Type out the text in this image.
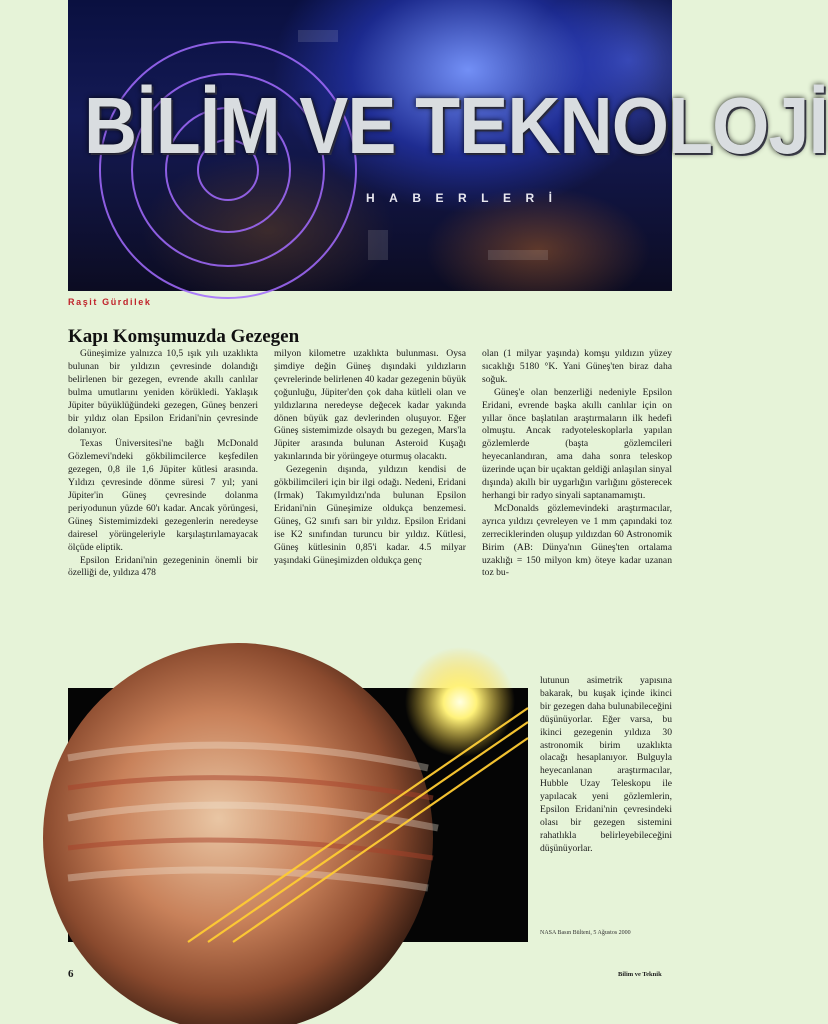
BİLİM VE TEKNOLOJİ
HABERLERİ
Raşit Gürdilek
Kapı Komşumuzda Gezegen

Güneşimize yalnızca 10,5 ışık yılı uzaklıkta bulunan bir yıldızın çevresinde dolandığı belirlenen bir gezegen, evrende akıllı canlılar bulma umutlarını yeniden körükledi. Yaklaşık Jüpiter büyüklüğündeki gezegen, Güneş benzeri bir yıldız olan Epsilon Eridani'nin çevresinde dolanıyor.

Texas Üniversitesi'ne bağlı McDonald Gözlemevi'ndeki gökbilimcilerce keşfedilen gezegen, 0,8 ile 1,6 Jüpiter kütlesi arasında. Yıldızı çevresinde dönme süresi 7 yıl; yani Jüpiter'in Güneş çevresinde dolanma periyodunun yüzde 60'ı kadar. Ancak yörüngesi, Güneş Sistemimizdeki gezegenlerin neredeyse dairesel yörüngeleriyle karşılaştırılamayacak ölçüde eliptik.

Epsilon Eridani'nin gezegeninin önemli bir özelliği de, yıldıza 478

milyon kilometre uzaklıkta bulunması. Oysa şimdiye değin Güneş dışındaki yıldızların çevrelerinde belirlenen 40 kadar gezegenin büyük çoğunluğu, Jüpiter'den çok daha kütleli olan ve yıldızlarına neredeyse değecek kadar yakında dönen büyük gaz devlerinden oluşuyor. Eğer Güneş sistemimizde olsaydı bu gezegen, Mars'la Jüpiter arasında bulunan Asteroid Kuşağı yakınlarında bir yörüngeye oturmuş olacaktı.

Gezegenin dışında, yıldızın kendisi de gökbilimcileri için bir ilgi odağı. Nedeni, Eridani (Irmak) Takımyıldızı'nda bulunan Epsilon Eridani'nin Güneşimize oldukça benzemesi. Güneş, G2 sınıfı sarı bir yıldız. Epsilon Eridani ise K2 sınıfından turuncu bir yıldız. Kütlesi, Güneş kütlesinin 0,85'i kadar. 4.5 milyar yaşındaki Güneşimizden oldukça genç

olan (1 milyar yaşında) komşu yıldızın yüzey sıcaklığı 5180 °K. Yani Güneş'ten biraz daha soğuk.

Güneş'e olan benzerliği nedeniyle Epsilon Eridani, evrende başka akıllı canlılar için on yıllar önce başlatılan araştırmaların ilk hedefi olmuştu. Ancak radyoteleskoplarla yapılan gözlemlerde (başta gözlemcileri heyecanlandıran, ama daha sonra teleskop üzerinde uçan bir uçaktan geldiği anlaşılan sinyal dışında) akıllı bir uygarlığın varlığını gösterecek herhangi bir radyo sinyali saptanamamıştı.

McDonalds gözlemevindeki araştırmacılar, ayrıca yıldızı çevreleyen ve 1 mm çapındaki toz zerreciklerinden oluşup yıldızdan 60 Astronomik Birim (AB: Dünya'nın Güneş'ten ortalama uzaklığı = 150 milyon km) öteye kadar uzanan toz bu-

lutunun asimetrik yapısına bakarak, bu kuşak içinde ikinci bir gezegen daha bulunabileceğini düşünüyorlar. Eğer varsa, bu ikinci gezegenin yıldıza 30 astronomik birim uzaklıkta olacağı hesaplanıyor. Bulguyla heyecanlanan araştırmacılar, Hubble Uzay Teleskopu ile yapılacak yeni gözlemlerin, Epsilon Eridani'nin çevresindeki olası bir gezegen sistemini rahatlıkla belirleyebileceğini düşünüyorlar.

NASA Basın Bülteni, 5 Ağustos 2000
6	Bilim ve Teknik
